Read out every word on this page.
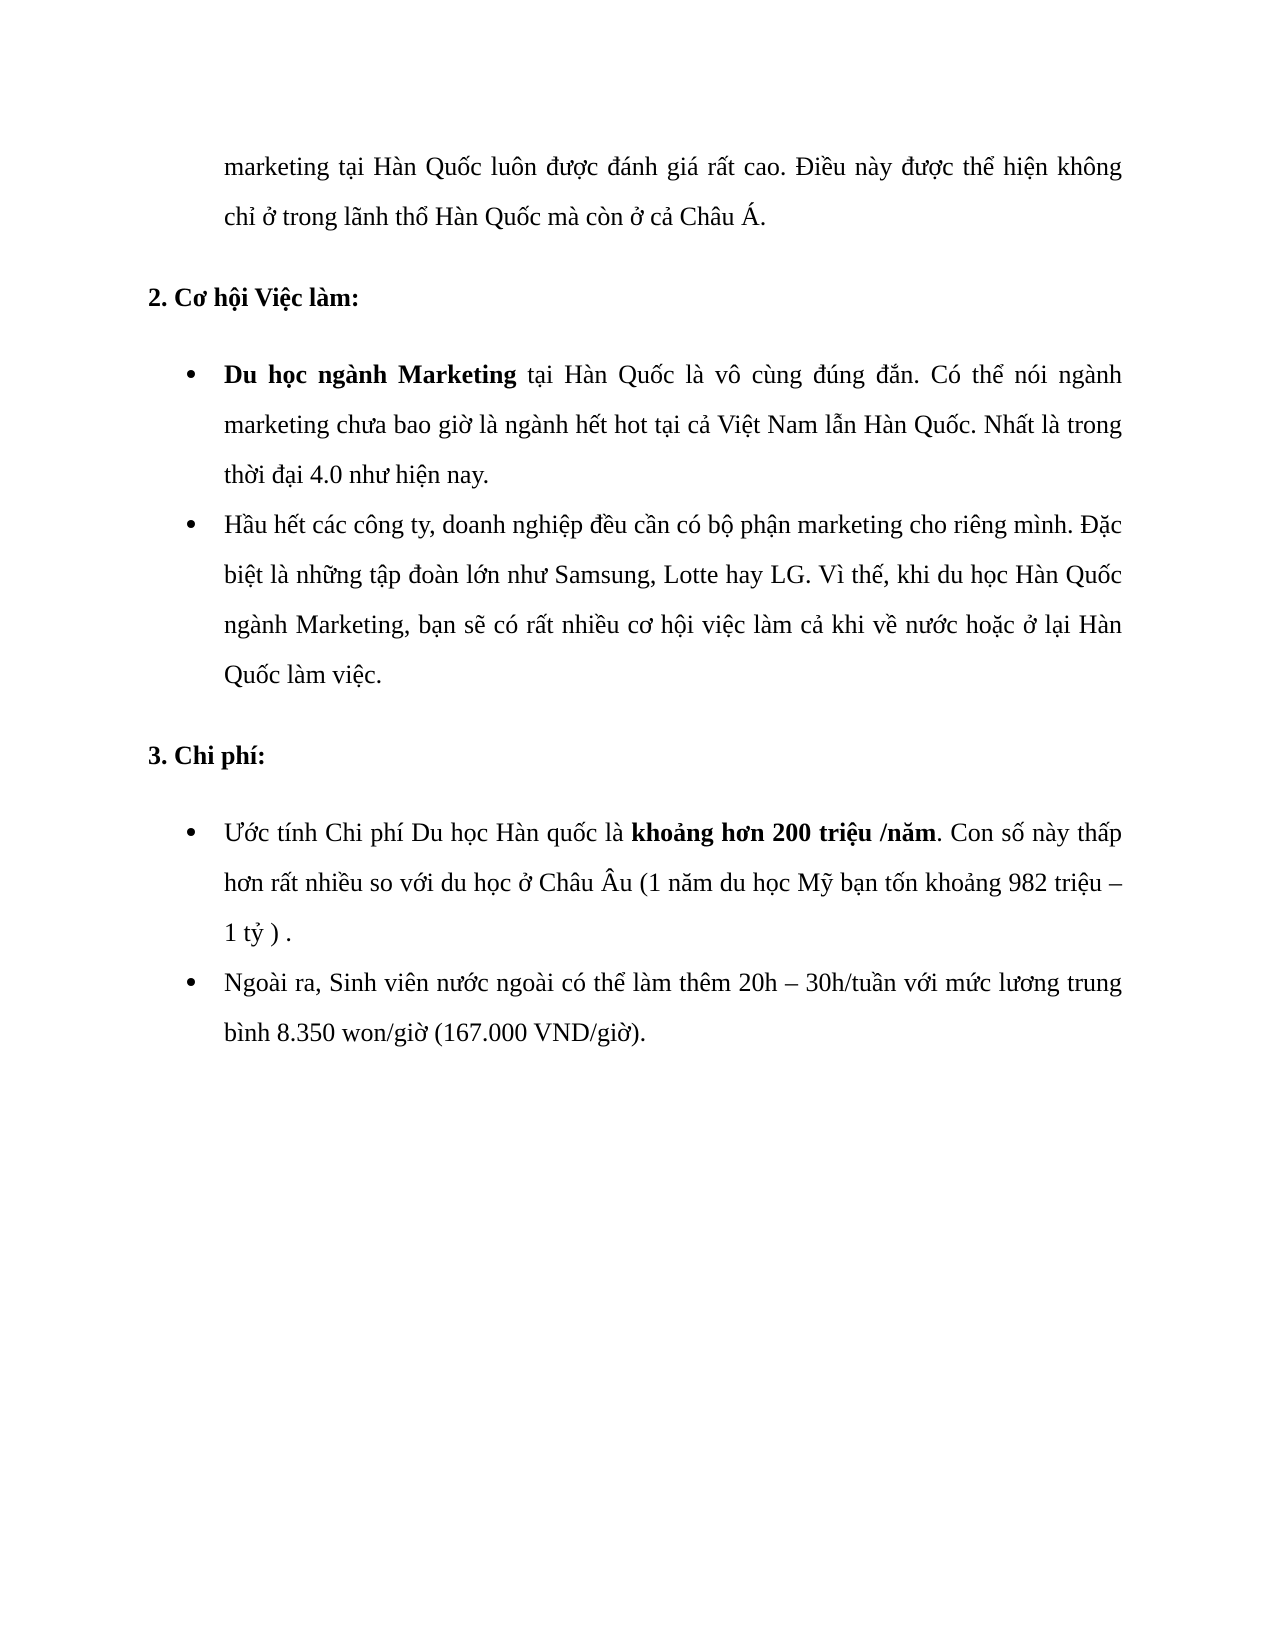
marketing tại Hàn Quốc luôn được đánh giá rất cao. Điều này được thể hiện không chỉ ở trong lãnh thổ Hàn Quốc mà còn ở cả Châu Á.

2. Cơ hội Việc làm:
Du học ngành Marketing tại Hàn Quốc là vô cùng đúng đắn. Có thể nói ngành marketing chưa bao giờ là ngành hết hot tại cả Việt Nam lẫn Hàn Quốc. Nhất là trong thời đại 4.0 như hiện nay.
Hầu hết các công ty, doanh nghiệp đều cần có bộ phận marketing cho riêng mình. Đặc biệt là những tập đoàn lớn như Samsung, Lotte hay LG. Vì thế, khi du học Hàn Quốc ngành Marketing, bạn sẽ có rất nhiều cơ hội việc làm cả khi về nước hoặc ở lại Hàn Quốc làm việc.
3. Chi phí:
Ước tính Chi phí Du học Hàn quốc là khoảng hơn 200 triệu /năm. Con số này thấp hơn rất nhiều so với du học ở Châu Âu (1 năm du học Mỹ bạn tốn khoảng 982 triệu – 1 tỷ ) .
Ngoài ra, Sinh viên nước ngoài có thể làm thêm 20h – 30h/tuần với mức lương trung bình 8.350 won/giờ (167.000 VND/giờ).
